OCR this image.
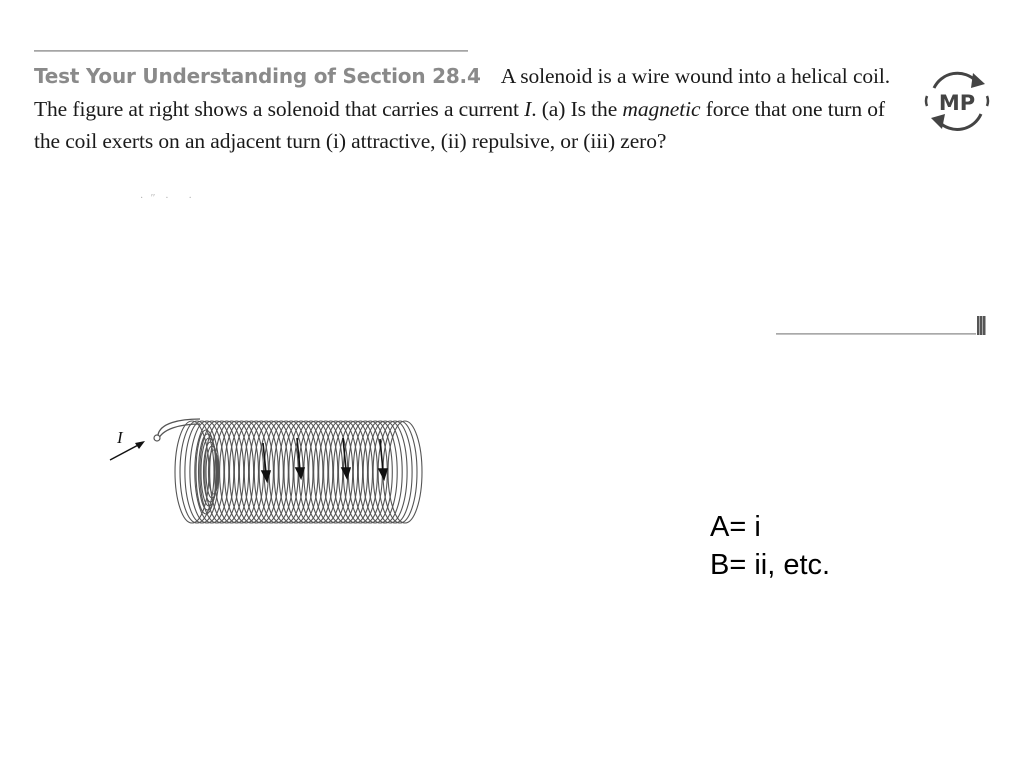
Test Your Understanding of Section 28.4 A solenoid is a wire wound into a helical coil. The figure at right shows a solenoid that carries a current I. (a) Is the magnetic force that one turn of the coil exerts on an adjacent turn (i) attractive, (ii) repulsive, or (iii) zero?
·   ′′    ·        ·
MP
I
A= i
B= ii, etc.
